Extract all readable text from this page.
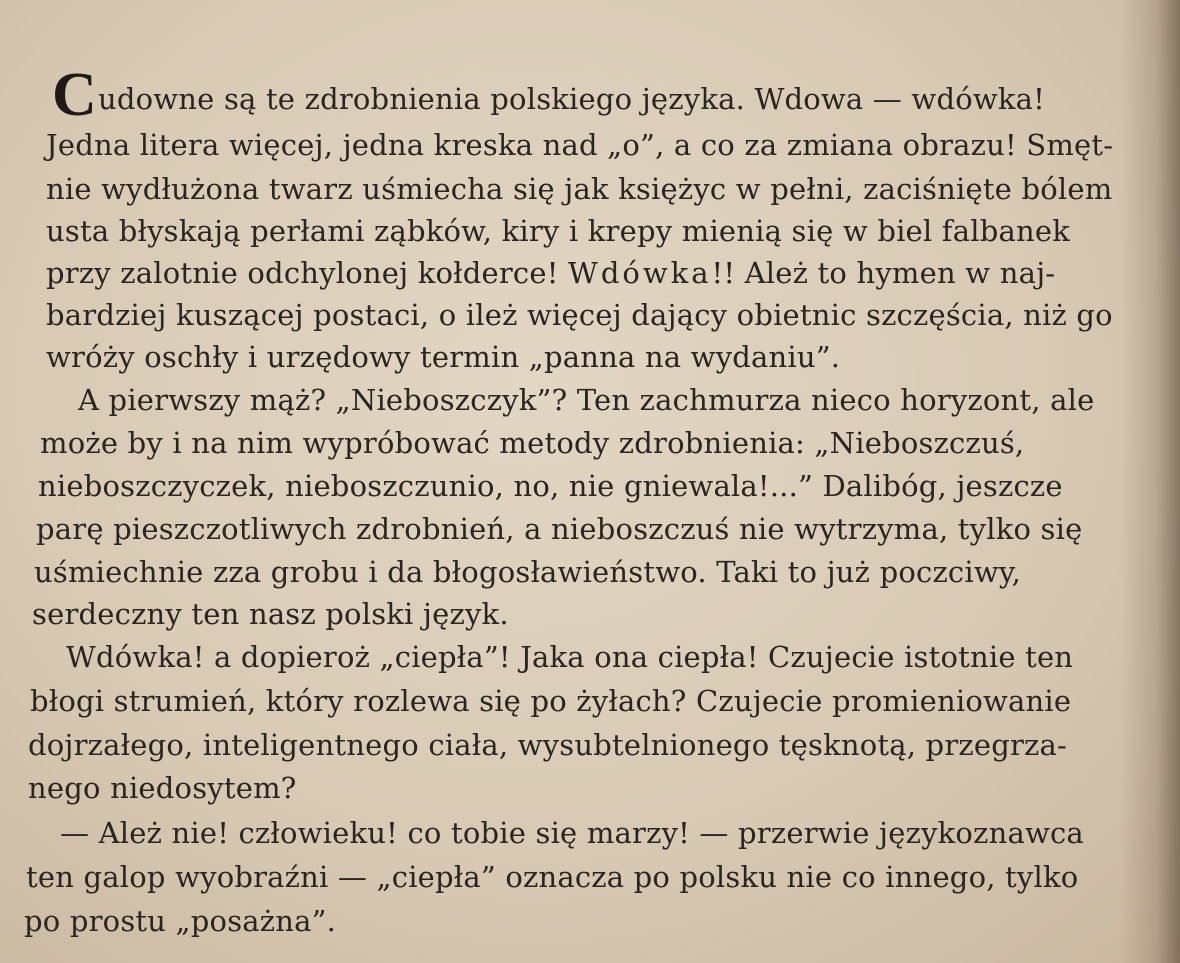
Cudowne są te zdrobnienia polskiego języka. Wdowa — wdówka!
Jedna litera więcej, jedna kreska nad „o”, a co za zmiana obrazu! Smęt-
nie wydłużona twarz uśmiecha się jak księżyc w pełni, zaciśnięte bólem
usta błyskają perłami ząbków, kiry i krepy mienią się w biel falbanek
przy zalotnie odchylonej kołderce! Wdówka!! Ależ to hymen w naj-
bardziej kuszącej postaci, o ileż więcej dający obietnic szczęścia, niż go
wróży oschły i urzędowy termin „panna na wydaniu”.
A pierwszy mąż? „Nieboszczyk”? Ten zachmurza nieco horyzont, ale
może by i na nim wypróbować metody zdrobnienia: „Nieboszczuś,
nieboszczyczek, nieboszczunio, no, nie gniewala!...” Dalibóg, jeszcze
parę pieszczotliwych zdrobnień, a nieboszczuś nie wytrzyma, tylko się
uśmiechnie zza grobu i da błogosławieństwo. Taki to już poczciwy,
serdeczny ten nasz polski język.
Wdówka! a dopieroż „ciepła”! Jaka ona ciepła! Czujecie istotnie ten
błogi strumień, który rozlewa się po żyłach? Czujecie promieniowanie
dojrzałego, inteligentnego ciała, wysubtelnionego tęsknotą, przegrza-
nego niedosytem?
— Ależ nie! człowieku! co tobie się marzy! — przerwie językoznawca
ten galop wyobraźni — „ciepła” oznacza po polsku nie co innego, tylko
po prostu „posażna”.
